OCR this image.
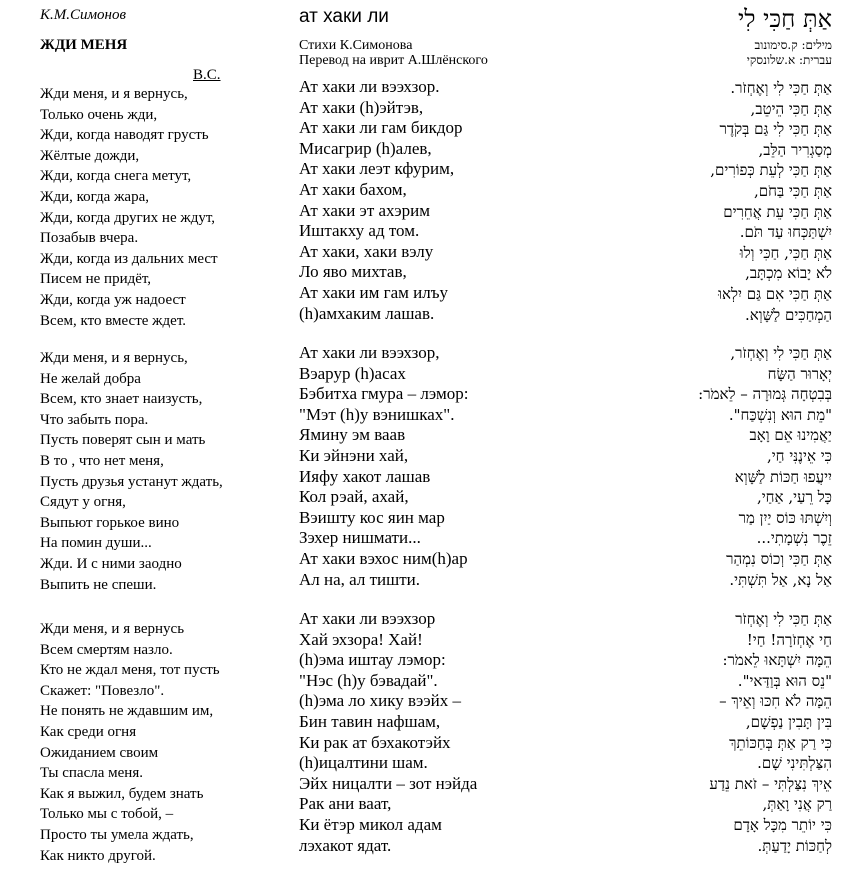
К.М.Симонов
ЖДИ МЕНЯ
В.С.
Жди меня, и я вернусь,
Только очень жди,
Жди, когда наводят грусть
Жёлтые дожди,
Жди, когда снега метут,
Жди, когда жара,
Жди, когда других не ждут,
Позабыв вчера.
Жди, когда из дальних мест
Писем не придёт,
Жди, когда уж надоест
Всем, кто вместе ждет.
Жди меня, и я вернусь,
Не желай добра
Всем, кто знает наизусть,
Что забыть пора.
Пусть поверят сын и мать
В то , что нет меня,
Пусть друзья устанут ждать,
Сядут у огня,
Выпьют горькое вино
На помин души...
Жди. И с ними заодно
Выпить не спеши.
Жди меня, и я вернусь
Всем смертям назло.
Кто не ждал меня, тот пусть
Скажет: "Повезло".
Не понять не ждавшим им,
Как среди огня
Ожиданием своим
Ты спасла меня.
Как я выжил, будем знать
Только мы с тобой, –
Просто ты умела ждать,
Как никто другой.
ат хаки ли
Стихи К.Симонова
Перевод на иврит А.Шлёнского
Ат хаки ли вээхзор.
Ат хаки (h)эйтэв,
Ат хаки ли гам бикдор
Мисагрир (h)алев,
Ат хаки леэт кфурим,
Ат хаки бахом,
Ат хаки эт ахэрим
Иштакху ад том.
Ат хаки, хаки вэлу
Ло яво михтав,
Ат хаки им гам илъу
(h)амхаким лашав.
Ат хаки ли вээхзор,
Вэарур (h)асах
Бэбитха гмура – лэмор:
"Мэт (h)у вэнишках".
Ямину эм ваав
Ки эйнэни хай,
Ияфу хакот лашав
Кол рэай, ахай,
Вэишту кос яин мар
Зэхер нишмати...
Ат хаки вэхос ним(h)ар
Ал на, ал тишти.
Ат хаки ли вээхзор
Хай эхзора! Хай!
(h)эма иштау лэмор:
"Нэс (h)у бэвадай".
(h)эма ло хику вээйх –
Бин тавин нафшам,
Ки рак ат бэхакотэйх
(h)ицалтини шам.
Эйх ницалти – зот нэйда
Рак ани ваат,
Ки ётэр микол адам
лэхакот ядат.
אַתְּ חַכִּי לִי
מילים: ק.סימונוב
עברית: א.שלונסקי
אַתְּ חַכִּי לִי וְאֶחְזֹר.
אַתְּ חַכִּי הֵיטֵב,
אַתְּ חַכִּי לִי גַּם בְּקֹדֶר
מְסַגְרִיר הַלֵּב,
אַתְּ חַכִּי לְעֵת כְּפוֹרִים,
אַתְּ חַכִּי בַּחֹם,
אַתְּ חַכִּי עֵת אֲחֵרִים
יִשְׁתַּכְּחוּ עַד תֹּם.
אַתְּ חַכִּי, חַכִּי וְלוּ
לֹא יָבוֹא מִכְתָּב,
אַתְּ חַכִּי אִם גַּם יִלְאוּ
הַמְחַכִּים לַשָּׁוְא.
אַתְּ חַכִּי לִי וְאֶחְזֹר,
יְאָרוּר הַשָּׂח
בְּבִטְחָה גְּמוּרָה – לֵאמֹר:
"מֵת הוּא וְנִשְׁכַּח".
יַאֲמִינוּ אֵם וָאָב
כִּי אֵינֶנִּי חַי,
יִיעֲפוּ חַכּוֹת לַשָּׁוְא
כָּל רֵעַי, אַחַי,
וְיִשְׁתּוּ כּוֹס יַיִן מַר
זֵכֶר נִשְׁמָתִי...
אַתְּ חַכִּי וְכוֹס נִמְהַר
אַל נָא, אַל תִּשְׁתִּי.
אַתְּ חַכִּי לִי וְאֶחְזֹר
חַי אֶחְזֹרָה! חַי!
הֵמָּה יִשְׁתָּאוּ לֵאמֹר:
"נֵס הוּא בְּוַדַּאי".
הֵמָּה לֹא חִכּוּ וְאֵיךְ –
בִּין תָּבִין נַפְשָׁם,
כִּי רַק אַתְּ בְּחַכּוֹתֵךְ
הִצַּלְתִּינִי שָׁם.
אֵיךְ נִצַּלְתִּי – זֹאת נֵדַע
רַק אֲנִי וָאַתְּ,
כִּי יוֹתֵר מִכָּל אָדָם
לְחַכּוֹת יָדַעַתְּ.
